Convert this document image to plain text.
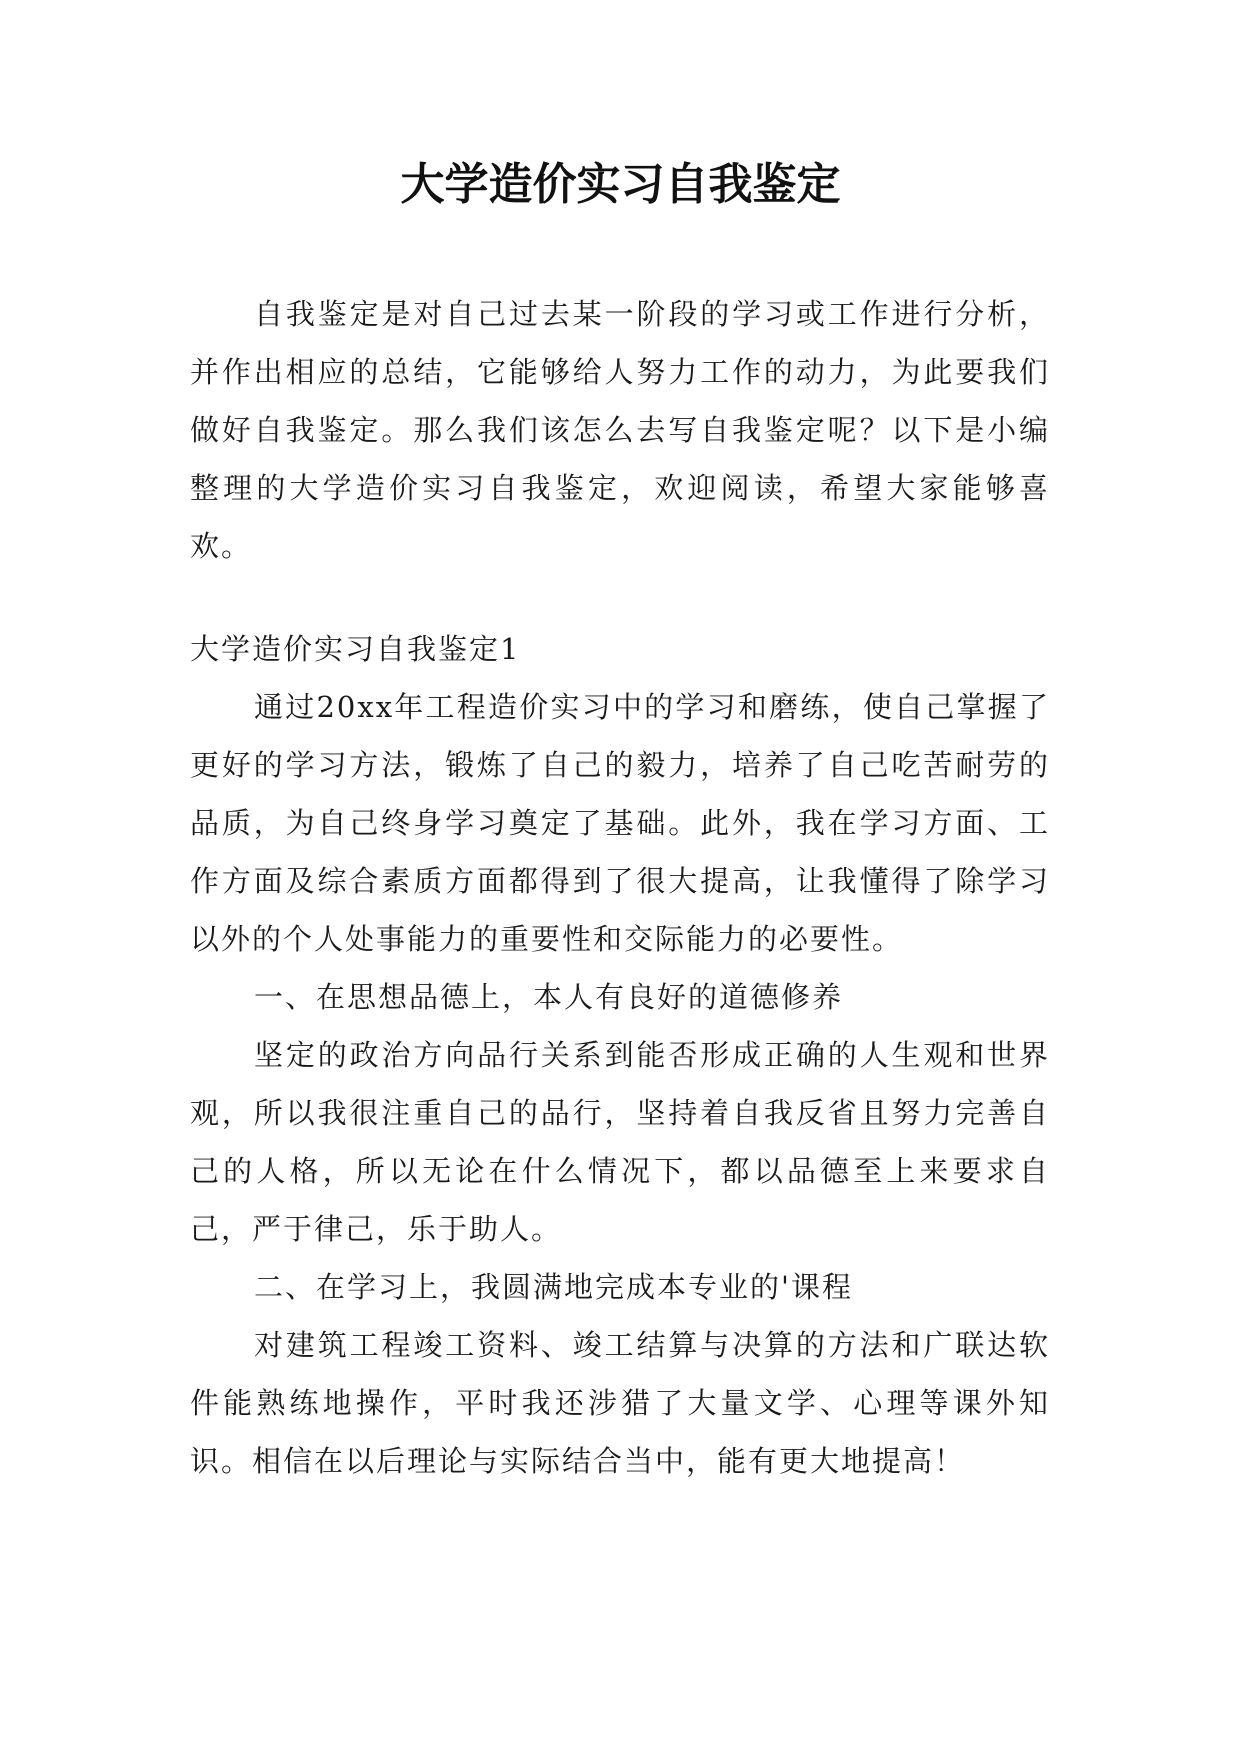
大学造价实习自我鉴定

自我鉴定是对自己过去某一阶段的学习或工作进行分析，并作出相应的总结，它能够给人努力工作的动力，为此要我们做好自我鉴定。那么我们该怎么去写自我鉴定呢？以下是小编整理的大学造价实习自我鉴定，欢迎阅读，希望大家能够喜欢。

大学造价实习自我鉴定1
通过20xx年工程造价实习中的学习和磨练，使自己掌握了更好的学习方法，锻炼了自己的毅力，培养了自己吃苦耐劳的品质，为自己终身学习奠定了基础。此外，我在学习方面、工作方面及综合素质方面都得到了很大提高，让我懂得了除学习以外的个人处事能力的重要性和交际能力的必要性。
一、在思想品德上，本人有良好的道德修养
坚定的政治方向品行关系到能否形成正确的人生观和世界观，所以我很注重自己的品行，坚持着自我反省且努力完善自己的人格，所以无论在什么情况下，都以品德至上来要求自己，严于律己，乐于助人。
二、在学习上，我圆满地完成本专业的'课程
对建筑工程竣工资料、竣工结算与决算的方法和广联达软件能熟练地操作，平时我还涉猎了大量文学、心理等课外知识。相信在以后理论与实际结合当中，能有更大地提高！
